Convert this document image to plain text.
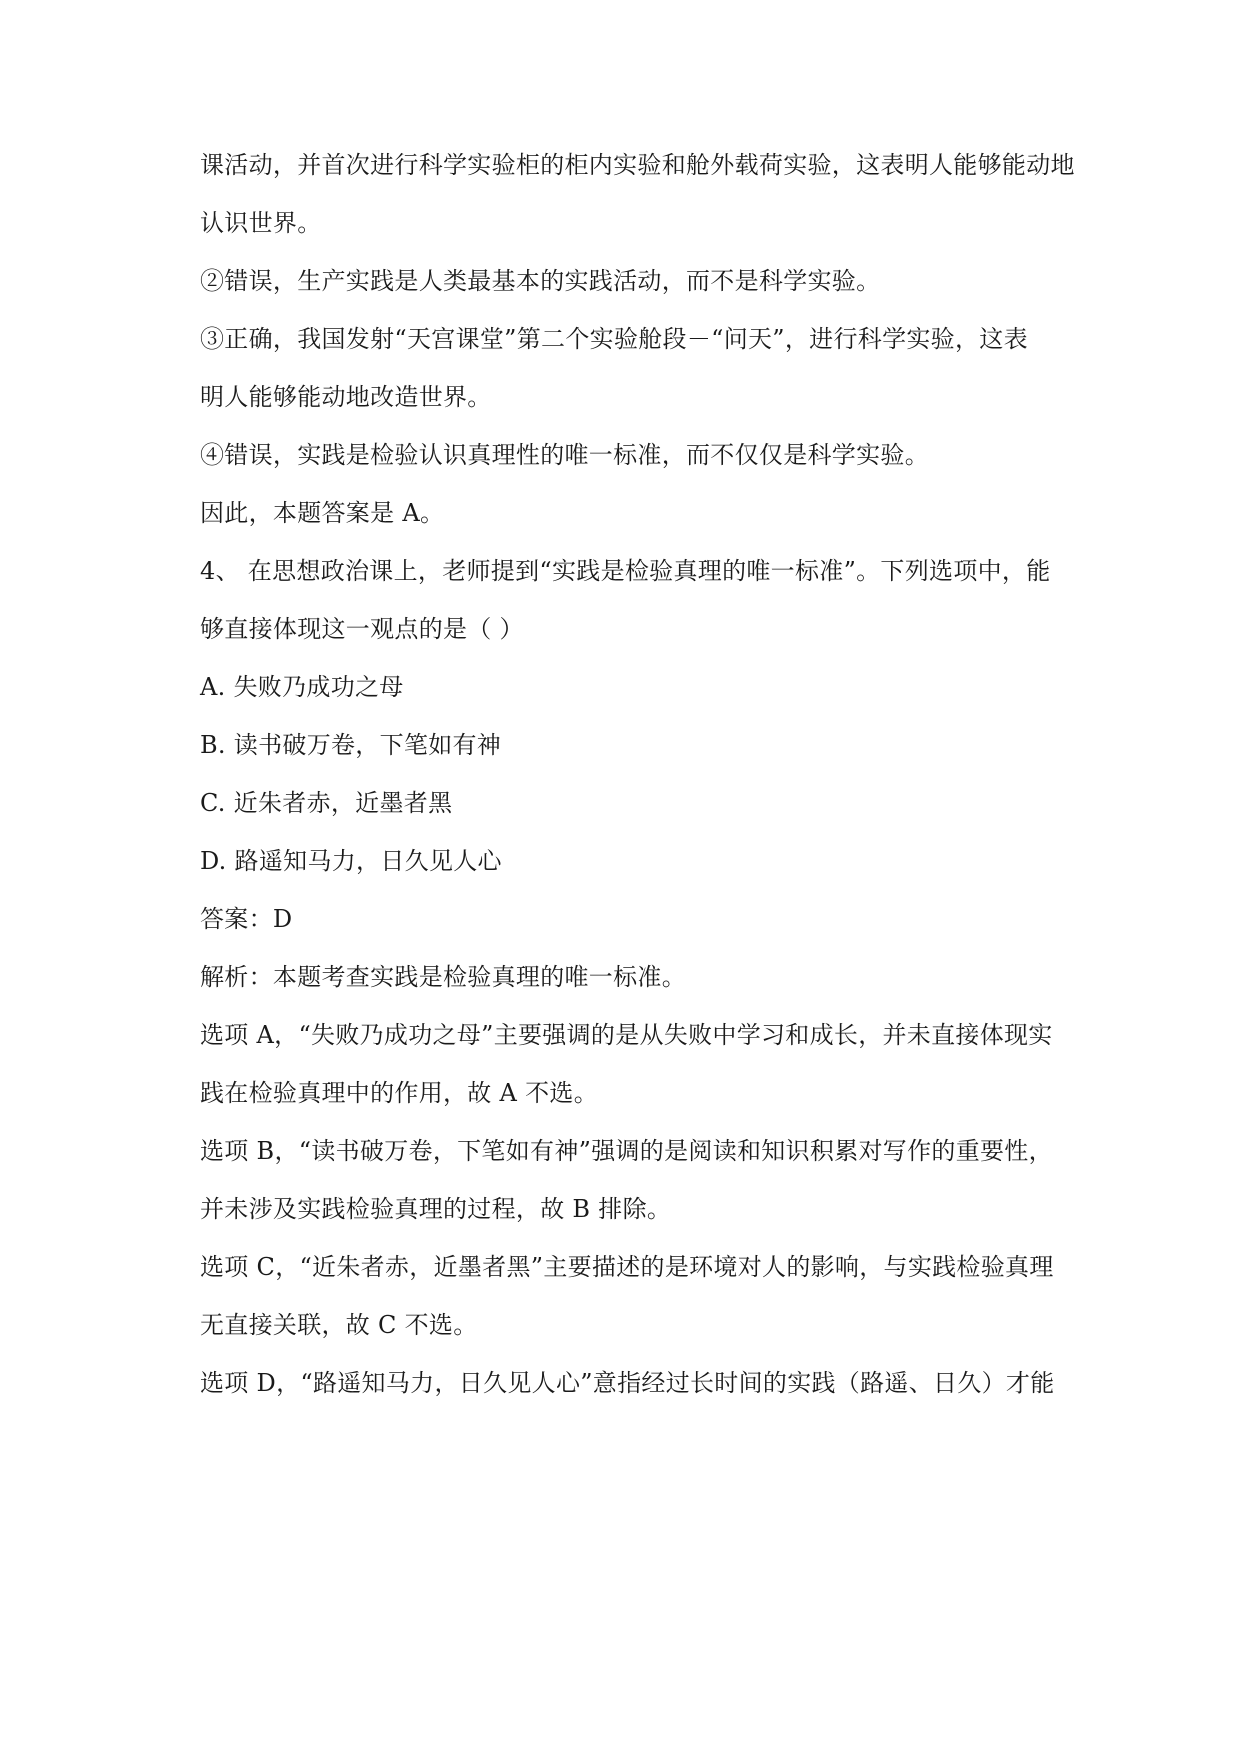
课活动，并首次进行科学实验柜的柜内实验和舱外载荷实验，这表明人能够能动地
认识世界。
②错误，生产实践是人类最基本的实践活动，而不是科学实验。
③正确，我国发射“天宫课堂”第二个实验舱段－“问天”，进行科学实验，这表
明人能够能动地改造世界。
④错误，实践是检验认识真理性的唯一标准，而不仅仅是科学实验。
因此，本题答案是 A。
4、 在思想政治课上，老师提到“实践是检验真理的唯一标准”。下列选项中，能
够直接体现这一观点的是（ ）
A. 失败乃成功之母
B. 读书破万卷，下笔如有神
C. 近朱者赤，近墨者黑
D. 路遥知马力，日久见人心
答案：D
解析：本题考查实践是检验真理的唯一标准。
选项 A，“失败乃成功之母”主要强调的是从失败中学习和成长，并未直接体现实
践在检验真理中的作用，故 A 不选。
选项 B，“读书破万卷，下笔如有神”强调的是阅读和知识积累对写作的重要性，
并未涉及实践检验真理的过程，故 B 排除。
选项 C，“近朱者赤，近墨者黑”主要描述的是环境对人的影响，与实践检验真理
无直接关联，故 C 不选。
选项 D，“路遥知马力，日久见人心”意指经过长时间的实践（路遥、日久）才能
